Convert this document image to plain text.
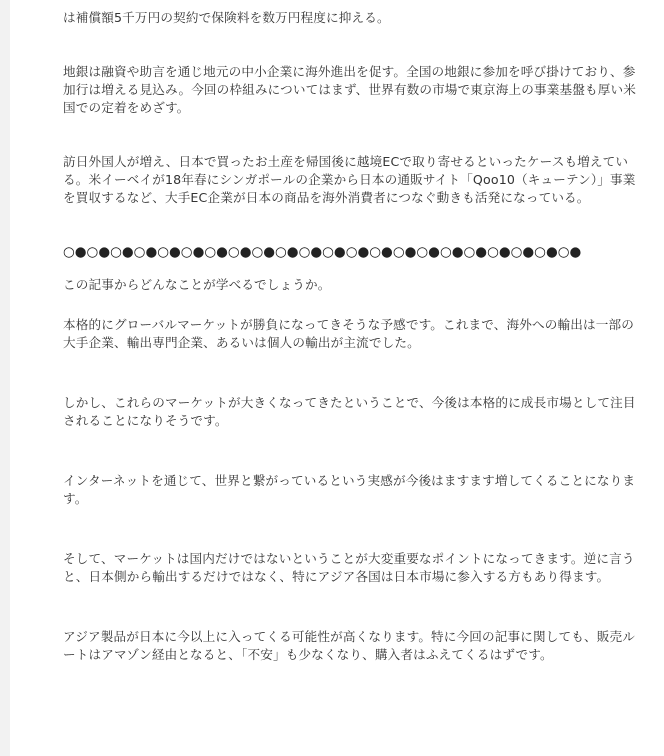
は補償額5千万円の契約で保険料を数万円程度に抑える。

地銀は融資や助言を通じ地元の中小企業に海外進出を促す。全国の地銀に参加を呼び掛けており、参加行は増える見込み。今回の枠組みについてはまず、世界有数の市場で東京海上の事業基盤も厚い米国での定着をめざす。

訪日外国人が増え、日本で買ったお土産を帰国後に越境ECで取り寄せるといったケースも増えている。米イーベイが18年春にシンガポールの企業から日本の通販サイト「Qoo10（キューテン）」事業を買収するなど、大手EC企業が日本の商品を海外消費者につなぐ動きも活発になっている。

○●○●○●○●○●○●○●○●○●○●○●○●○●○●○●○●○●○●○●○●○●○●

この記事からどんなことが学べるでしょうか。

本格的にグローバルマーケットが勝負になってきそうな予感です。これまで、海外への輸出は一部の大手企業、輸出専門企業、あるいは個人の輸出が主流でした。

しかし、これらのマーケットが大きくなってきたということで、今後は本格的に成長市場として注目されることになりそうです。

インターネットを通じて、世界と繋がっているという実感が今後はますます増してくることになります。

そして、マーケットは国内だけではないということが大変重要なポイントになってきます。逆に言うと、日本側から輸出するだけではなく、特にアジア各国は日本市場に参入する方もあり得ます。

アジア製品が日本に今以上に入ってくる可能性が高くなります。特に今回の記事に関しても、販売ルートはアマゾン経由となると、「不安」も少なくなり、購入者はふえてくるはずです。
